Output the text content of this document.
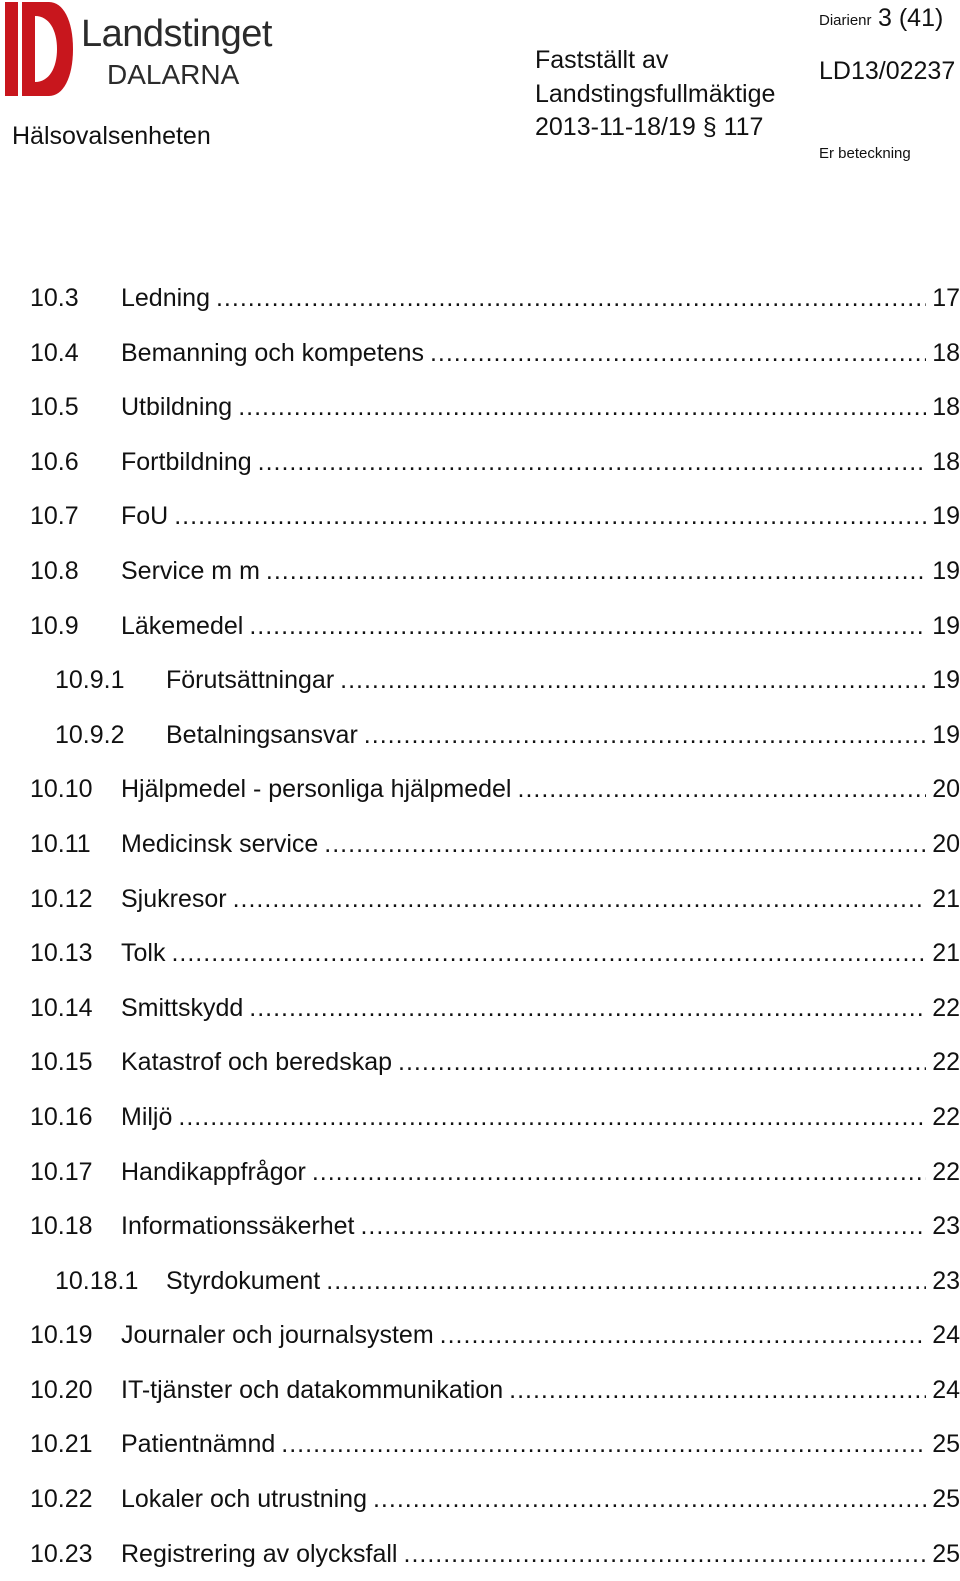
Landstinget
DALARNA
Hälsovalsenheten
Fastställt av
Landstingsfullmäktige
2013-11-18/19 § 117
Diarienr 3 (41)
LD13/02237
Er beteckning
10.3 Ledning .....	17
10.4 Bemanning och kompetens .....	18
10.5 Utbildning .....	18
10.6 Fortbildning .....	18
10.7 FoU .....	19
10.8 Service m m .....	19
10.9 Läkemedel .....	19
10.9.1 Förutsättningar .....	19
10.9.2 Betalningsansvar .....	19
10.10 Hjälpmedel - personliga hjälpmedel .....	20
10.11 Medicinsk service .....	20
10.12 Sjukresor .....	21
10.13 Tolk .....	21
10.14 Smittskydd .....	22
10.15 Katastrof och beredskap .....	22
10.16 Miljö .....	22
10.17 Handikappfrågor .....	22
10.18 Informationssäkerhet .....	23
10.18.1 Styrdokument .....	23
10.19 Journaler och journalsystem .....	24
10.20 IT-tjänster och datakommunikation .....	24
10.21 Patientnämnd .....	25
10.22 Lokaler och utrustning .....	25
10.23 Registrering av olycksfall .....	25
